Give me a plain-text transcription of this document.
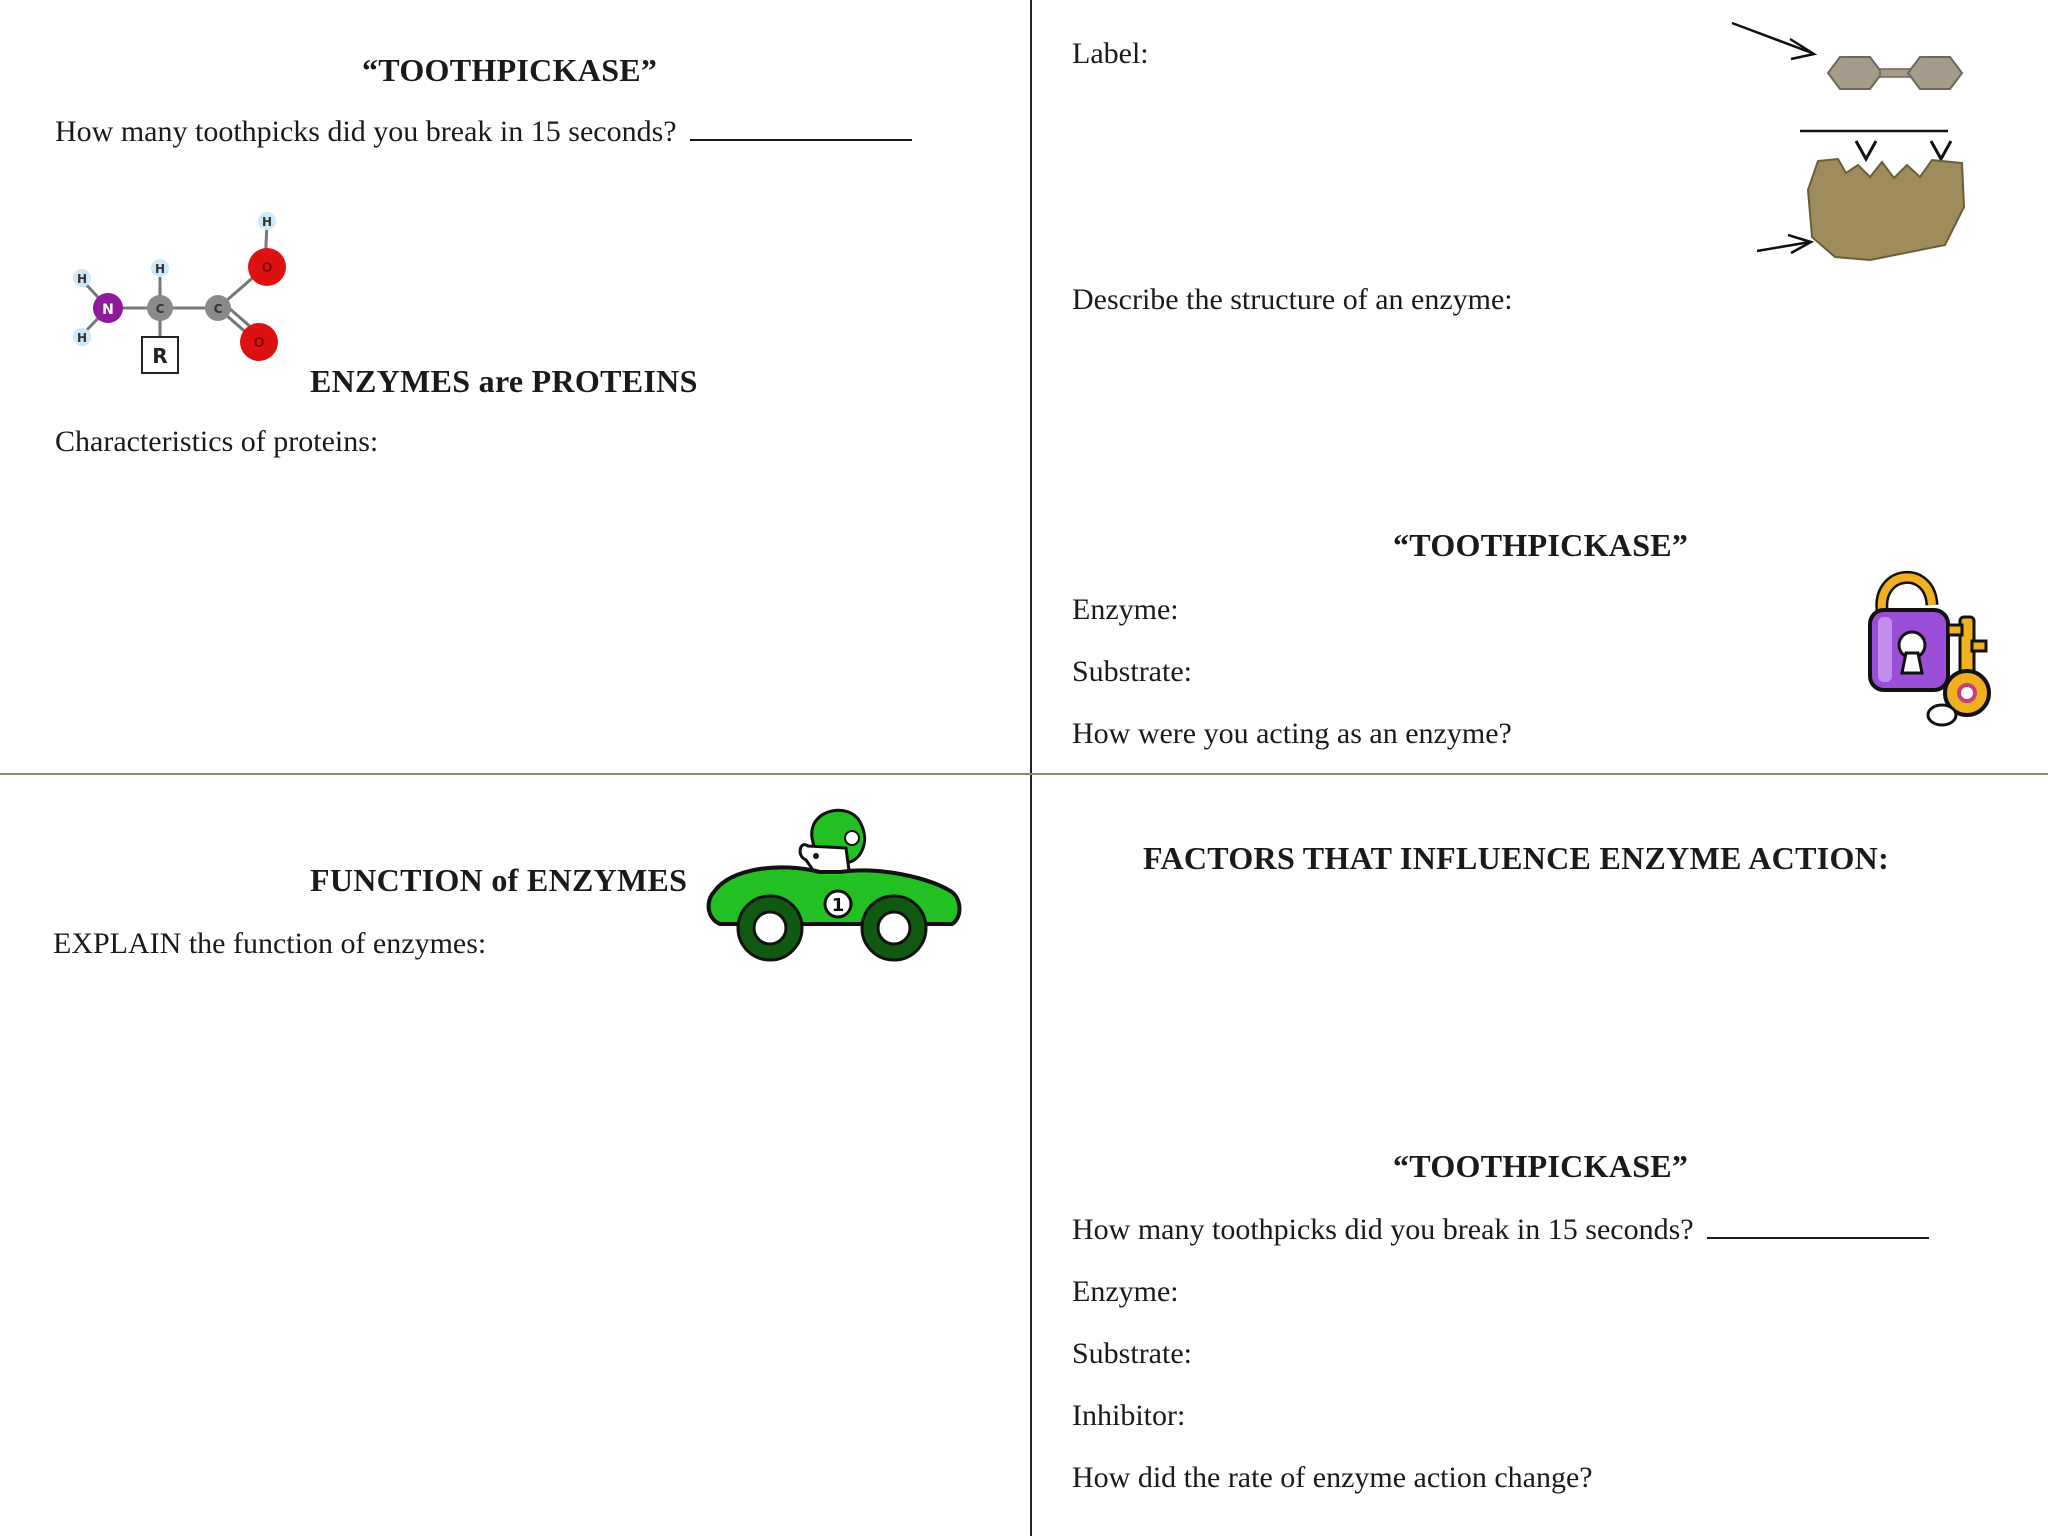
“TOOTHPICKASE”
How many toothpicks did you break in 15 seconds?
H
H
H
H
N	C	C
O
O
R
ENZYMES are PROTEINS
Characteristics of proteins:
Label:
Describe the structure of an enzyme:
“TOOTHPICKASE”
Enzyme:
Substrate:
How were you acting as an enzyme?
FUNCTION of ENZYMES
EXPLAIN the function of enzymes:
1
FACTORS THAT INFLUENCE ENZYME ACTION:
“TOOTHPICKASE”
How many toothpicks did you break in 15 seconds?
Enzyme:
Substrate:
Inhibitor:
How did the rate of enzyme action change?
